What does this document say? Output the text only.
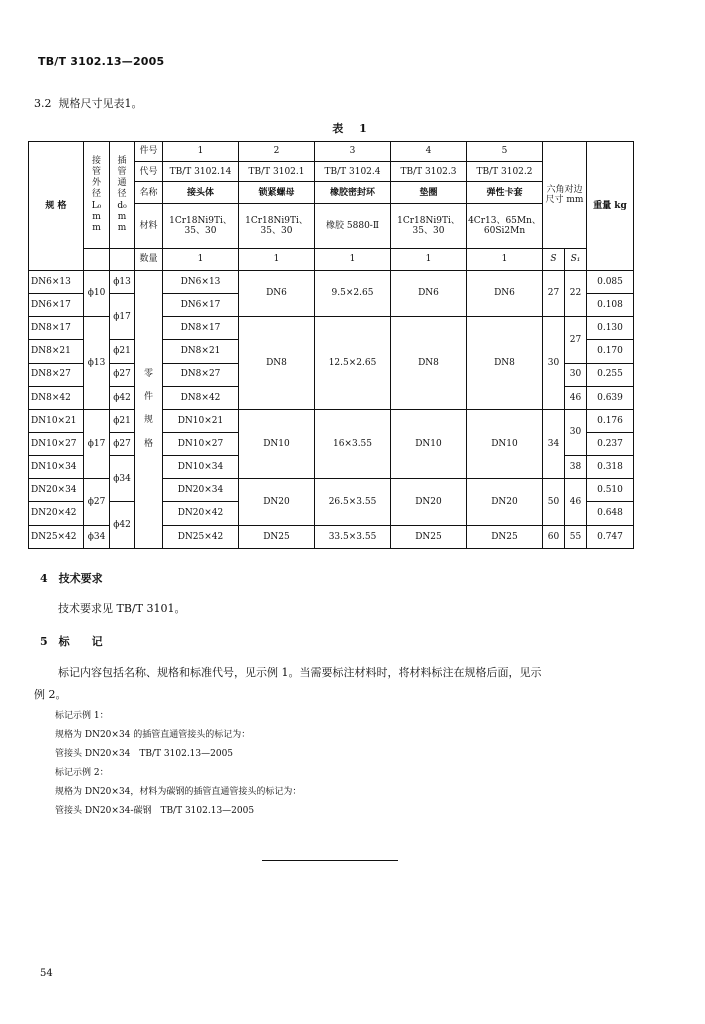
TB/T 3102.13—2005
3.2 规格尺寸见表1。
表 1
规 格	接管外径 L₀ mm	插管通径 d₀ mm	件号	1	2	3	4	5	六角对边尺寸 mm		重量 kg
			代号	TB/T 3102.14	TB/T 3102.1	TB/T 3102.4	TB/T 3102.3	TB/T 3102.2			
			名称	接头体	锁紧螺母	橡胶密封环	垫圈	弹性卡套			
			材料	1Cr18Ni9Ti、35、30	1Cr18Ni9Ti、35、30	橡胶 5880-Ⅱ	1Cr18Ni9Ti、35、30	4Cr13、65Mn、60Si2Mn			
			数量	1	1	1	1	1	S	S₁	
DN6×13	ϕ10	ϕ13	零件规格	DN6×13	DN6	9.5×2.65	DN6	DN6	27	22	0.085
DN6×17		ϕ17		DN6×17							0.108
DN8×17	ϕ13			DN8×17	DN8	12.5×2.65	DN8	DN8	30	27	0.130
DN8×21		ϕ21		DN8×21							0.170
DN8×27		ϕ27		DN8×27						30	0.255
DN8×42		ϕ42		DN8×42						46	0.639
DN10×21	ϕ17	ϕ21		DN10×21	DN10	16×3.55	DN10	DN10	34	30	0.176
DN10×27		ϕ27		DN10×27							0.237
DN10×34		ϕ34		DN10×34						38	0.318
DN20×34	ϕ27			DN20×34	DN20	26.5×3.55	DN20	DN20	50	46	0.510
DN20×42		ϕ42		DN20×42							0.648
DN25×42	ϕ34			DN25×42	DN25	33.5×3.55	DN25	DN25	60	55	0.747
4　技术要求
技术要求见 TB/T 3101。
5　标　　记
标记内容包括名称、规格和标准代号，见示例 1。当需要标注材料时，将材料标注在规格后面，见示
例 2。
标记示例 1：
规格为 DN20×34 的插管直通管接头的标记为：
管接头 DN20×34　TB/T 3102.13—2005
标记示例 2：
规格为 DN20×34，材料为碳钢的插管直通管接头的标记为：
管接头 DN20×34-碳钢　TB/T 3102.13—2005
54
